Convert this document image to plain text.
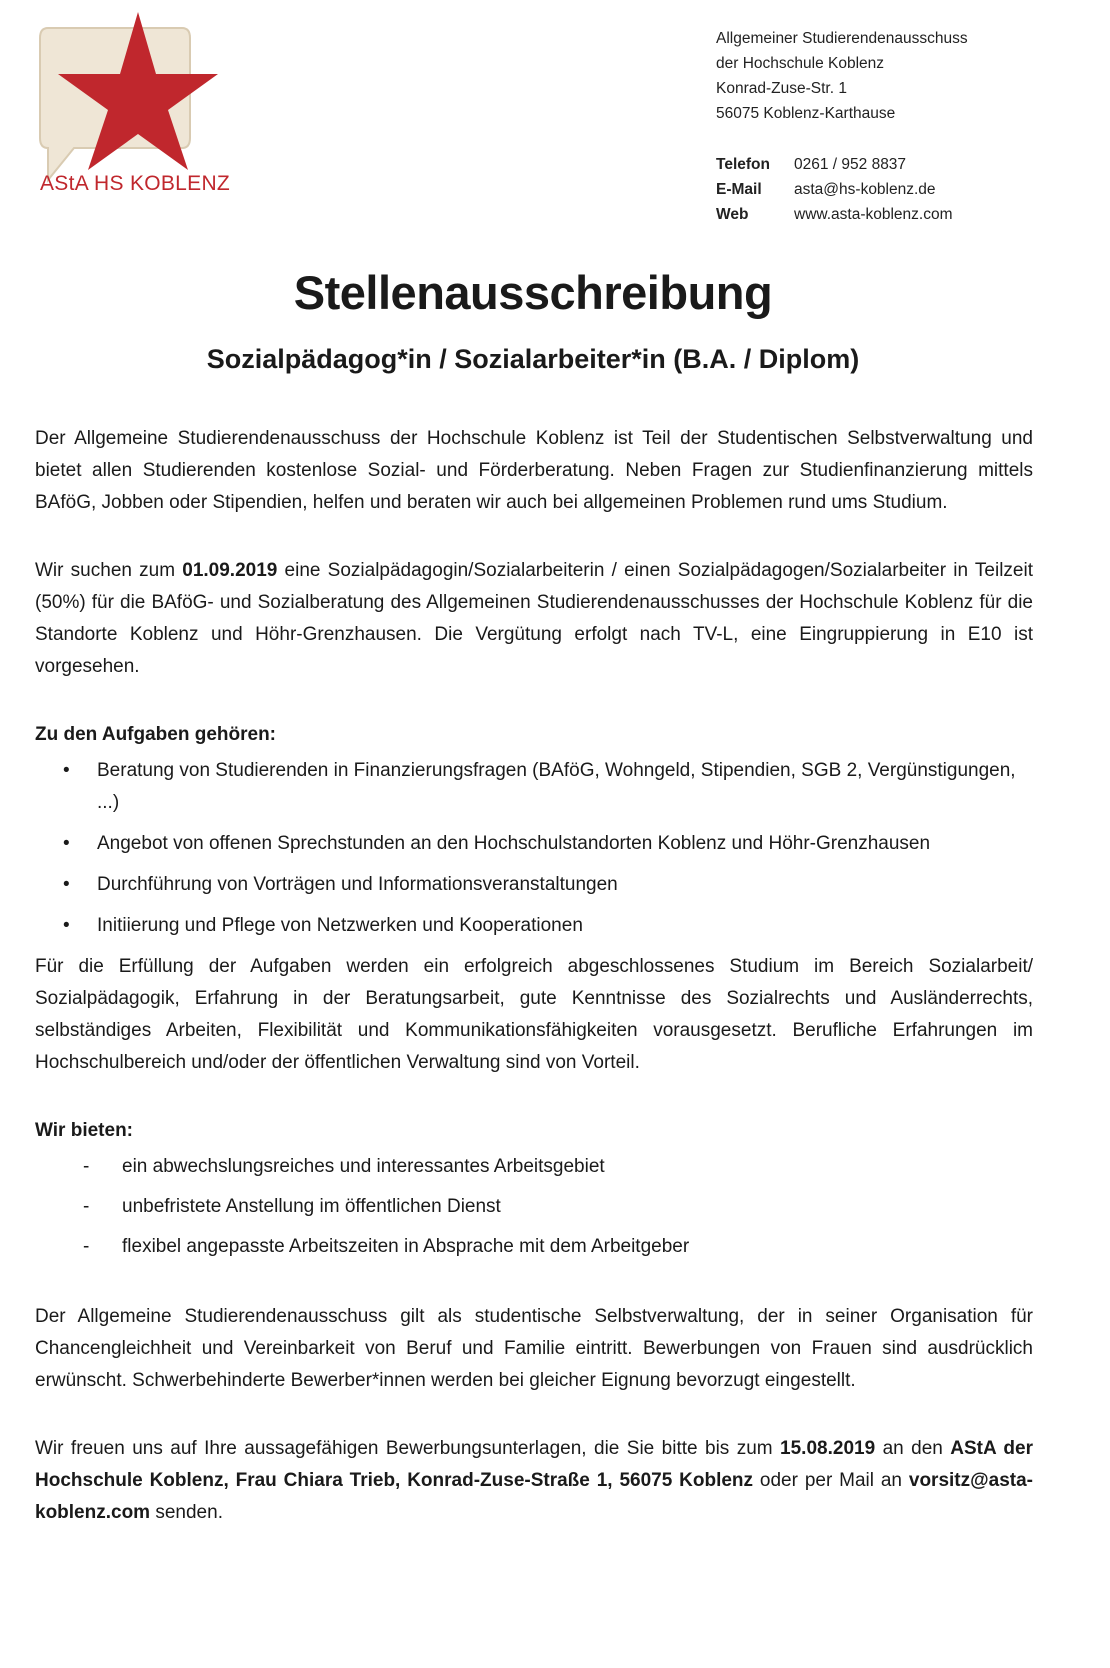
AStA HS KOBLENZ
Allgemeiner Studierendenausschuss
der Hochschule Koblenz
Konrad-Zuse-Str. 1
56075 Koblenz-Karthause
Telefon	0261 / 952 8837
E-Mail	asta@hs-koblenz.de
Web	www.asta-koblenz.com
Stellenausschreibung
Sozialpädagog*in / Sozialarbeiter*in (B.A. / Diplom)

Der Allgemeine Studierendenausschuss der Hochschule Koblenz ist Teil der Studentischen Selbstverwaltung und bietet allen Studierenden kostenlose Sozial- und Förderberatung. Neben Fragen zur Studienfinanzierung mittels BAföG, Jobben oder Stipendien, helfen und beraten wir auch bei allgemeinen Problemen rund ums Studium.

Wir suchen zum 01.09.2019 eine Sozialpädagogin/Sozialarbeiterin / einen Sozialpädagogen/Sozialarbeiter in Teilzeit (50%) für die BAföG- und Sozialberatung des Allgemeinen Studierendenausschusses der Hochschule Koblenz für die Standorte Koblenz und Höhr-Grenzhausen. Die Vergütung erfolgt nach TV-L, eine Eingruppierung in E10 ist vorgesehen.

Zu den Aufgaben gehören:

• Beratung von Studierenden in Finanzierungsfragen (BAföG, Wohngeld, Stipendien, SGB 2, Vergünstigungen, ...)
• Angebot von offenen Sprechstunden an den Hochschulstandorten Koblenz und Höhr-Grenzhausen
• Durchführung von Vorträgen und Informationsveranstaltungen
• Initiierung und Pflege von Netzwerken und Kooperationen

Für die Erfüllung der Aufgaben werden ein erfolgreich abgeschlossenes Studium im Bereich Sozialarbeit/ Sozialpädagogik, Erfahrung in der Beratungsarbeit, gute Kenntnisse des Sozialrechts und Ausländerrechts, selbständiges Arbeiten, Flexibilität und Kommunikationsfähigkeiten vorausgesetzt. Berufliche Erfahrungen im Hochschulbereich und/oder der öffentlichen Verwaltung sind von Vorteil.

Wir bieten:

- ein abwechslungsreiches und interessantes Arbeitsgebiet
- unbefristete Anstellung im öffentlichen Dienst
- flexibel angepasste Arbeitszeiten in Absprache mit dem Arbeitgeber

Der Allgemeine Studierendenausschuss gilt als studentische Selbstverwaltung, der in seiner Organisation für Chancengleichheit und Vereinbarkeit von Beruf und Familie eintritt. Bewerbungen von Frauen sind ausdrücklich erwünscht. Schwerbehinderte Bewerber*innen werden bei gleicher Eignung bevorzugt eingestellt.

Wir freuen uns auf Ihre aussagefähigen Bewerbungsunterlagen, die Sie bitte bis zum 15.08.2019 an den AStA der Hochschule Koblenz, Frau Chiara Trieb, Konrad-Zuse-Straße 1, 56075 Koblenz oder per Mail an vorsitz@asta-koblenz.com senden.
